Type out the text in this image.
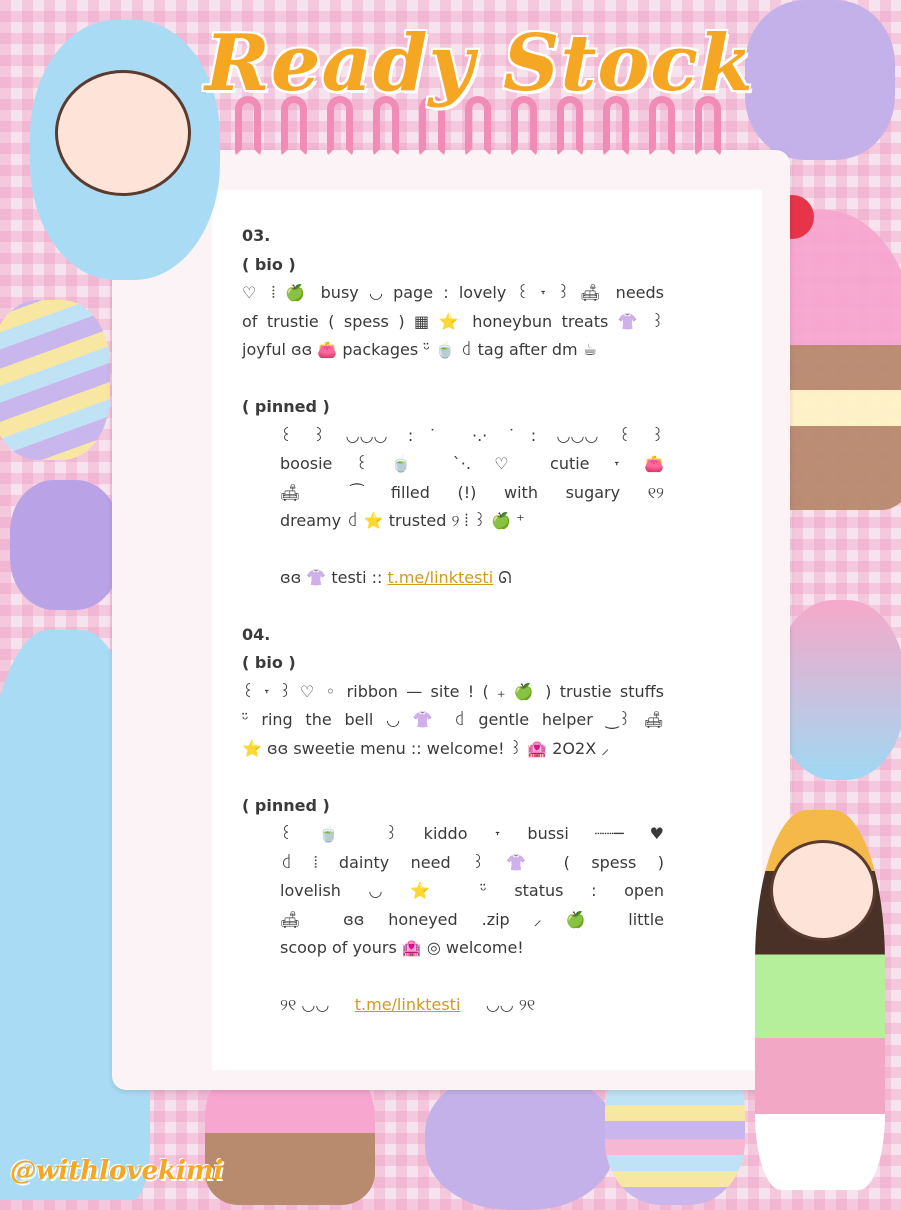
Ready Stock

03.

( bio )

♡ ⦙ 🍏 busy ◡ page : lovely ꒰ ˕ ꒱ 🛋 needs

of trustie ( spess ) ▦ ⭐ honeybun treats 👚 ꒱

joyful ɞɞ 👛 packages ᵕ̈ 🍵 ꒯ tag after dm ☕

( pinned )

꒰ ꒱ ◡◡◡ :˙ ·.· ˙: ◡◡◡ ꒰ ꒱

boosie ꒰ 🍵 `·. ♡ cutie ˕ 👛

🛋 ⁀ filled (!) with sugary ୧୨

dreamy ꒯ ⭐ trusted ୨ ⦙ ꒱ 🍏 ⁺

ɞɞ 👚 testi :: t.me/linktesti ᘏ

04.

( bio )

꒰ ˕ ꒱ ♡ ◦ ribbon — site ! ( ₊ 🍏 ) trustie stuffs

ᵕ̈ ring the bell ◡ 👚 ꒯ gentle helper ‿꒱ 🛋

⭐ ɞɞ sweetie menu :: welcome! ꒱ 🏩 2O2X ⸝

( pinned )

꒰ 🍵 ꒱ kiddo ˕ bussi ┈┈─ ♥

꒯ ⦙ dainty need ꒱ 👚 ( spess )

lovelish ◡ ⭐ ᵕ̈ status : open

🛋 ɞɞ honeyed .zip ⸝ 🍏 little

scoop of yours 🏩 ◎ welcome!

୨୧ ◡◡ t.me/linktesti ◡◡ ୨୧

@withlovekimi
